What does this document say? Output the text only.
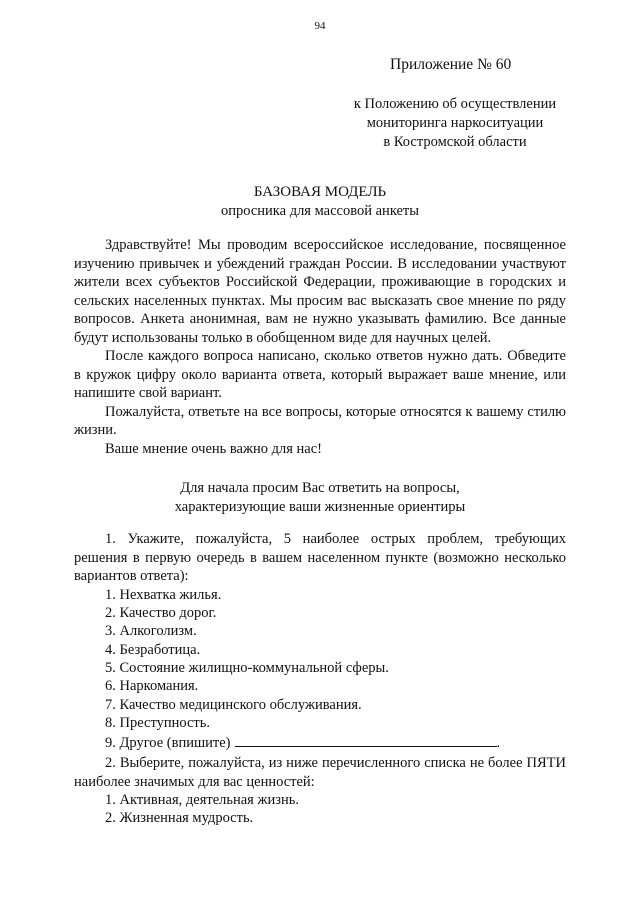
94
Приложение № 60
к Положению об осуществлении
мониторинга наркоситуации
в Костромской области
БАЗОВАЯ МОДЕЛЬ
опросника для массовой анкеты

Здравствуйте! Мы проводим всероссийское исследование, посвященное изучению привычек и убеждений граждан России. В исследовании участвуют жители всех субъектов Российской Федерации, проживающие в городских и сельских населенных пунктах. Мы просим вас высказать свое мнение по ряду вопросов. Анкета анонимная, вам не нужно указывать фамилию. Все данные будут использованы только в обобщенном виде для научных целей.

После каждого вопроса написано, сколько ответов нужно дать. Обведите в кружок цифру около варианта ответа, который выражает ваше мнение, или напишите свой вариант.

Пожалуйста, ответьте на все вопросы, которые относятся к вашему стилю жизни.

Ваше мнение очень важно для нас!

Для начала просим Вас ответить на вопросы,
характеризующие ваши жизненные ориентиры

1. Укажите, пожалуйста, 5 наиболее острых проблем, требующих решения в первую очередь в вашем населенном пункте (возможно несколько вариантов ответа):

1. Нехватка жилья.
2. Качество дорог.
3. Алкоголизм.
4. Безработица.
5. Состояние жилищно-коммунальной сферы.
6. Наркомания.
7. Качество медицинского обслуживания.
8. Преступность.
9. Другое (впишите)	.

2. Выберите, пожалуйста, из ниже перечисленного списка не более ПЯТИ наиболее значимых для вас ценностей:

1. Активная, деятельная жизнь.
2. Жизненная мудрость.
